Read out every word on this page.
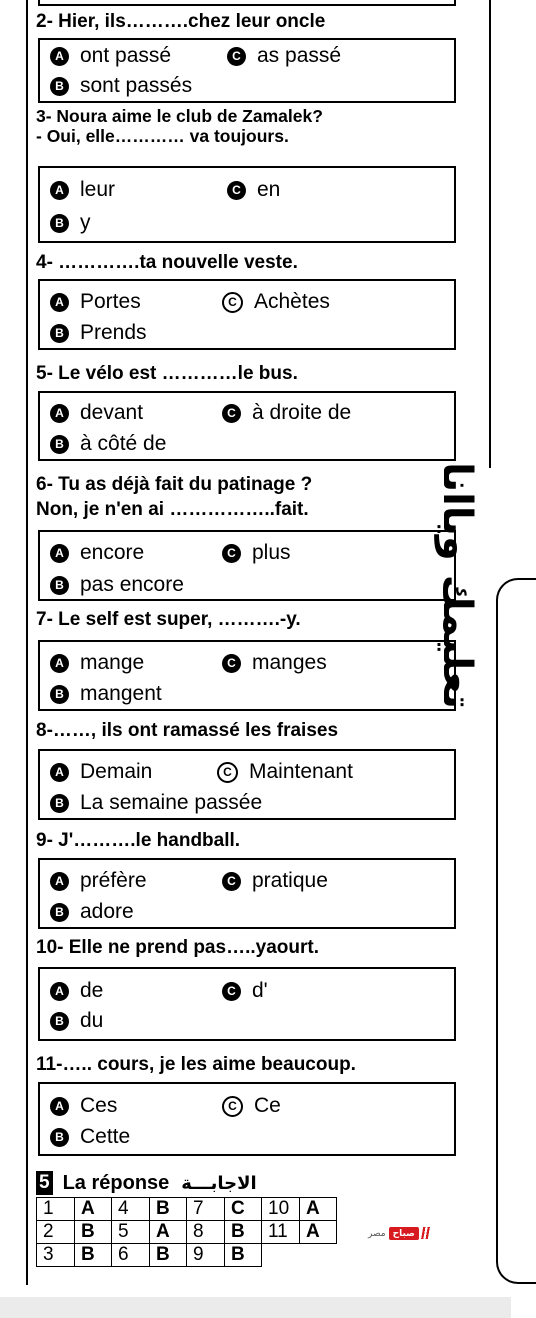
2- Hier, ils……….chez leur oncle

A ont passé	C as passé
B sont passés

3- Noura aime le club de Zamalek?

- Oui, elle………… va toujours.

A leur	C en
B y

4- ………….ta nouvelle veste.

A Portes	C Achètes
B Prends

5- Le vélo est …………le bus.

A devant	C à droite de
B à côté de

6- Tu as déjà fait du patinage ?

Non, je n'en ai ……………..fait.

A encore	C plus
B pas encore

7- Le self est super, ……….-y.

A mange	C manges
B mangent

8-……, ils ont ramassé les fraises

A Demain	C Maintenant
B La semaine passée

9- J'……….le handball.

A préfère	C pratique
B adore

10- Elle ne prend pas…..yaourt.

A de	C d'
B du

11-….. cours, je les aime beaucoup.

A Ces	C Ce
B Cette
5 La réponse الاجابـــة
1	A	4	B	7	C	10	A
2	B	5	A	8	B	11	A
3	B	6	B	9	B		
تعليمك وياانا
مصر صباح
